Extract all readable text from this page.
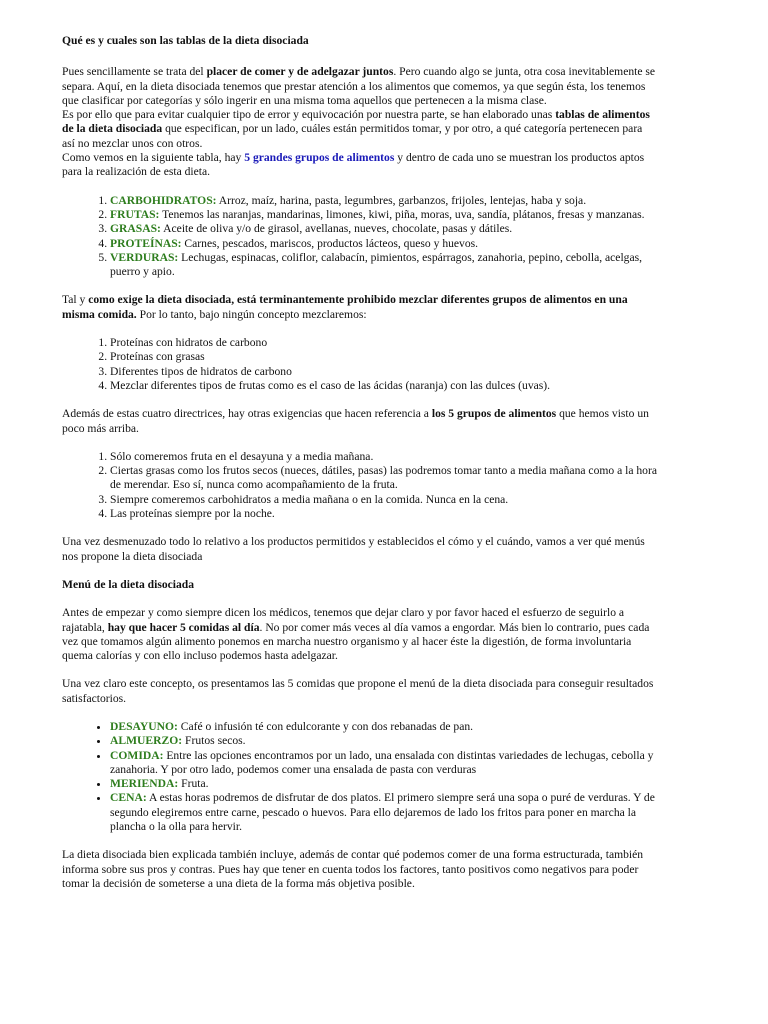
Qué es y cuales son las tablas de la dieta disociada

Pues sencillamente se trata del placer de comer y de adelgazar juntos. Pero cuando algo se junta, otra cosa inevitablemente se separa. Aquí, en la dieta disociada tenemos que prestar atención a los alimentos que comemos, ya que según ésta, los tenemos que clasificar por categorías y sólo ingerir en una misma toma aquellos que pertenecen a la misma clase.

Es por ello que para evitar cualquier tipo de error y equivocación por nuestra parte, se han elaborado unas tablas de alimentos de la dieta disociada que especifican, por un lado, cuáles están permitidos tomar, y por otro, a qué categoría pertenecen para así no mezclar unos con otros.

Como vemos en la siguiente tabla, hay 5 grandes grupos de alimentos y dentro de cada uno se muestran los productos aptos para la realización de esta dieta.

1. CARBOHIDRATOS: Arroz, maíz, harina, pasta, legumbres, garbanzos, frijoles, lentejas, haba y soja.
2. FRUTAS: Tenemos las naranjas, mandarinas, limones, kiwi, piña, moras, uva, sandía, plátanos, fresas y manzanas.
3. GRASAS: Aceite de oliva y/o de girasol, avellanas, nueves, chocolate, pasas y dátiles.
4. PROTEÍNAS: Carnes, pescados, mariscos, productos lácteos, queso y huevos.
5. VERDURAS: Lechugas, espinacas, coliflor, calabacín, pimientos, espárragos, zanahoria, pepino, cebolla, acelgas, puerro y apio.

Tal y como exige la dieta disociada, está terminantemente prohibido mezclar diferentes grupos de alimentos en una misma comida. Por lo tanto, bajo ningún concepto mezclaremos:

1. Proteínas con hidratos de carbono
2. Proteínas con grasas
3. Diferentes tipos de hidratos de carbono
4. Mezclar diferentes tipos de frutas como es el caso de las ácidas (naranja) con las dulces (uvas).

Además de estas cuatro directrices, hay otras exigencias que hacen referencia a los 5 grupos de alimentos que hemos visto un poco más arriba.

1. Sólo comeremos fruta en el desayuna y a media mañana.
2. Ciertas grasas como los frutos secos (nueces, dátiles, pasas) las podremos tomar tanto a media mañana como a la hora de merendar. Eso sí, nunca como acompañamiento de la fruta.
3. Siempre comeremos carbohidratos a media mañana o en la comida. Nunca en la cena.
4. Las proteínas siempre por la noche.

Una vez desmenuzado todo lo relativo a los productos permitidos y establecidos el cómo y el cuándo, vamos a ver qué menús nos propone la dieta disociada

Menú de la dieta disociada

Antes de empezar y como siempre dicen los médicos, tenemos que dejar claro y por favor haced el esfuerzo de seguirlo a rajatabla, hay que hacer 5 comidas al día. No por comer más veces al día vamos a engordar. Más bien lo contrario, pues cada vez que tomamos algún alimento ponemos en marcha nuestro organismo y al hacer éste la digestión, de forma involuntaria quema calorías y con ello incluso podemos hasta adelgazar.

Una vez claro este concepto, os presentamos las 5 comidas que propone el menú de la dieta disociada para conseguir resultados satisfactorios.

• DESAYUNO: Café o infusión té con edulcorante y con dos rebanadas de pan.
• ALMUERZO: Frutos secos.
• COMIDA: Entre las opciones encontramos por un lado, una ensalada con distintas variedades de lechugas, cebolla y zanahoria. Y por otro lado, podemos comer una ensalada de pasta con verduras
• MERIENDA: Fruta.
• CENA: A estas horas podremos de disfrutar de dos platos. El primero siempre será una sopa o puré de verduras. Y de segundo elegiremos entre carne, pescado o huevos. Para ello dejaremos de lado los fritos para poner en marcha la plancha o la olla para hervir.

La dieta disociada bien explicada también incluye, además de contar qué podemos comer de una forma estructurada, también informa sobre sus pros y contras. Pues hay que tener en cuenta todos los factores, tanto positivos como negativos para poder tomar la decisión de someterse a una dieta de la forma más objetiva posible.
